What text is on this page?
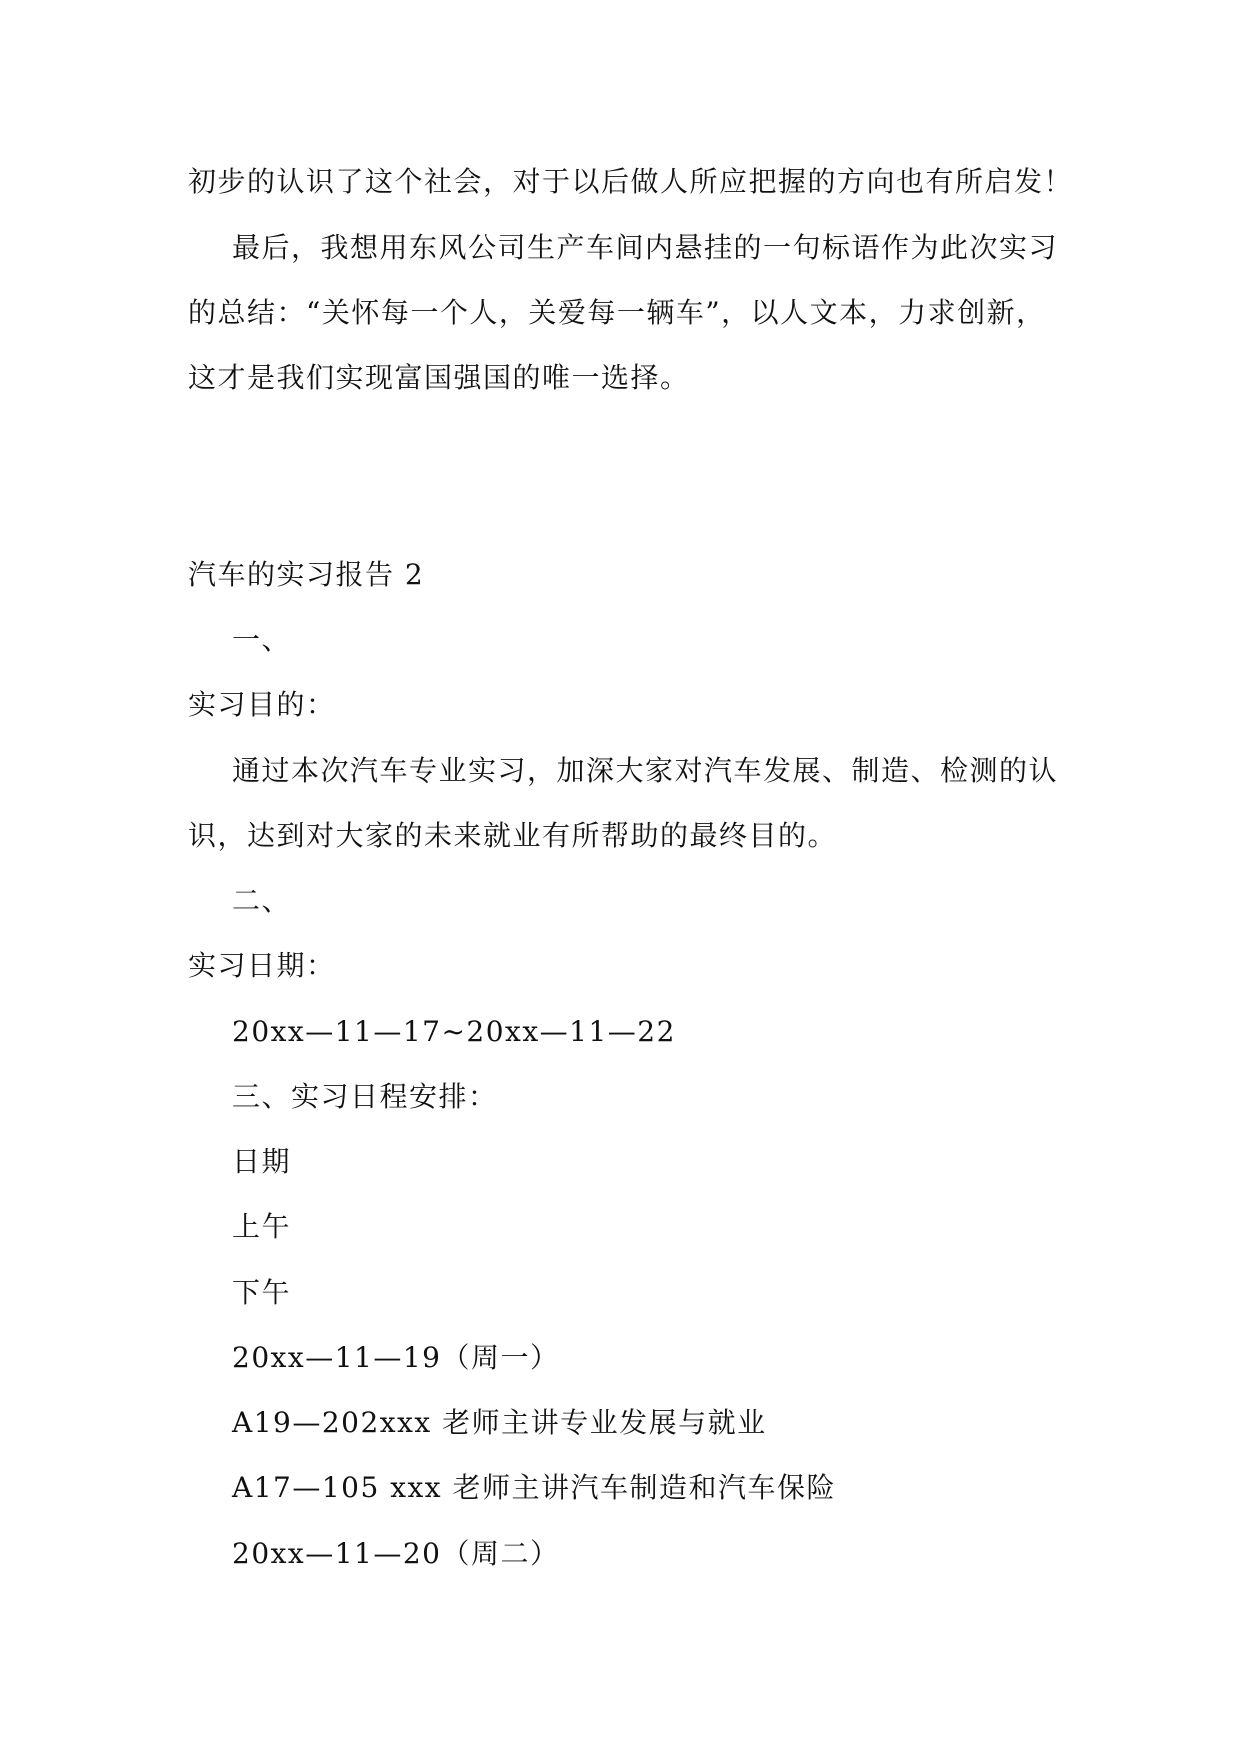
初步的认识了这个社会，对于以后做人所应把握的方向也有所启发！
最后，我想用东风公司生产车间内悬挂的一句标语作为此次实习
的总结：“关怀每一个人，关爱每一辆车”，以人文本，力求创新，
这才是我们实现富国强国的唯一选择。
汽车的实习报告 2
一、
实习目的：
通过本次汽车专业实习，加深大家对汽车发展、制造、检测的认
识，达到对大家的未来就业有所帮助的最终目的。
二、
实习日期：
20xx—11—17~20xx—11—22
三、实习日程安排：
日期
上午
下午
20xx—11—19（周一）
A19—202xxx 老师主讲专业发展与就业
A17—105 xxx 老师主讲汽车制造和汽车保险
20xx—11—20（周二）
